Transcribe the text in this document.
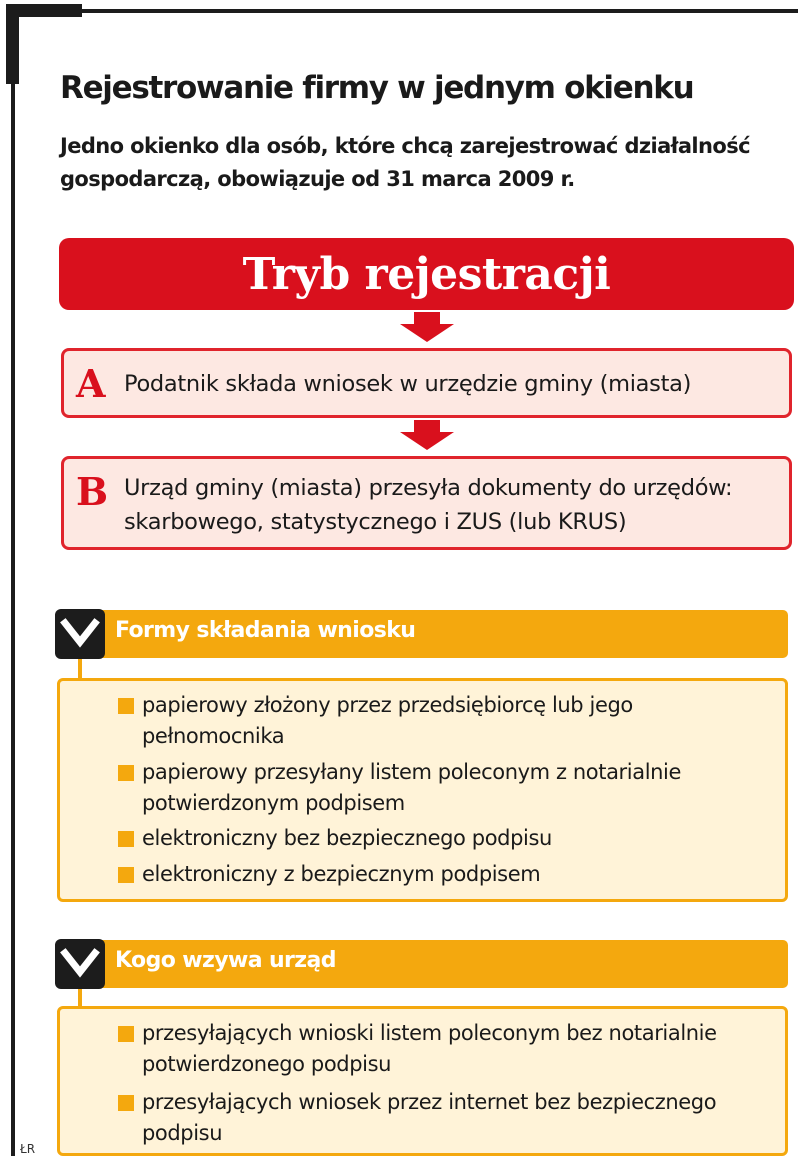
Rejestrowanie firmy w jednym okienku
Jedno okienko dla osób, które chcą zarejestrować działalność gospodarczą, obowiązuje od 31 marca 2009 r.
Tryb rejestracji
A Podatnik składa wniosek w urzędzie gminy (miasta)
B Urząd gminy (miasta) przesyła dokumenty do urzędów:
skarbowego, statystycznego i ZUS (lub KRUS)
Formy składania wniosku
papierowy złożony przez przedsiębiorcę lub jego
pełnomocnika
papierowy przesyłany listem poleconym z notarialnie
potwierdzonym podpisem
elektroniczny bez bezpiecznego podpisu
elektroniczny z bezpiecznym podpisem
Kogo wzywa urząd
przesyłających wnioski listem poleconym bez notarialnie
potwierdzonego podpisu
przesyłających wniosek przez internet bez bezpiecznego
podpisu
ŁR
